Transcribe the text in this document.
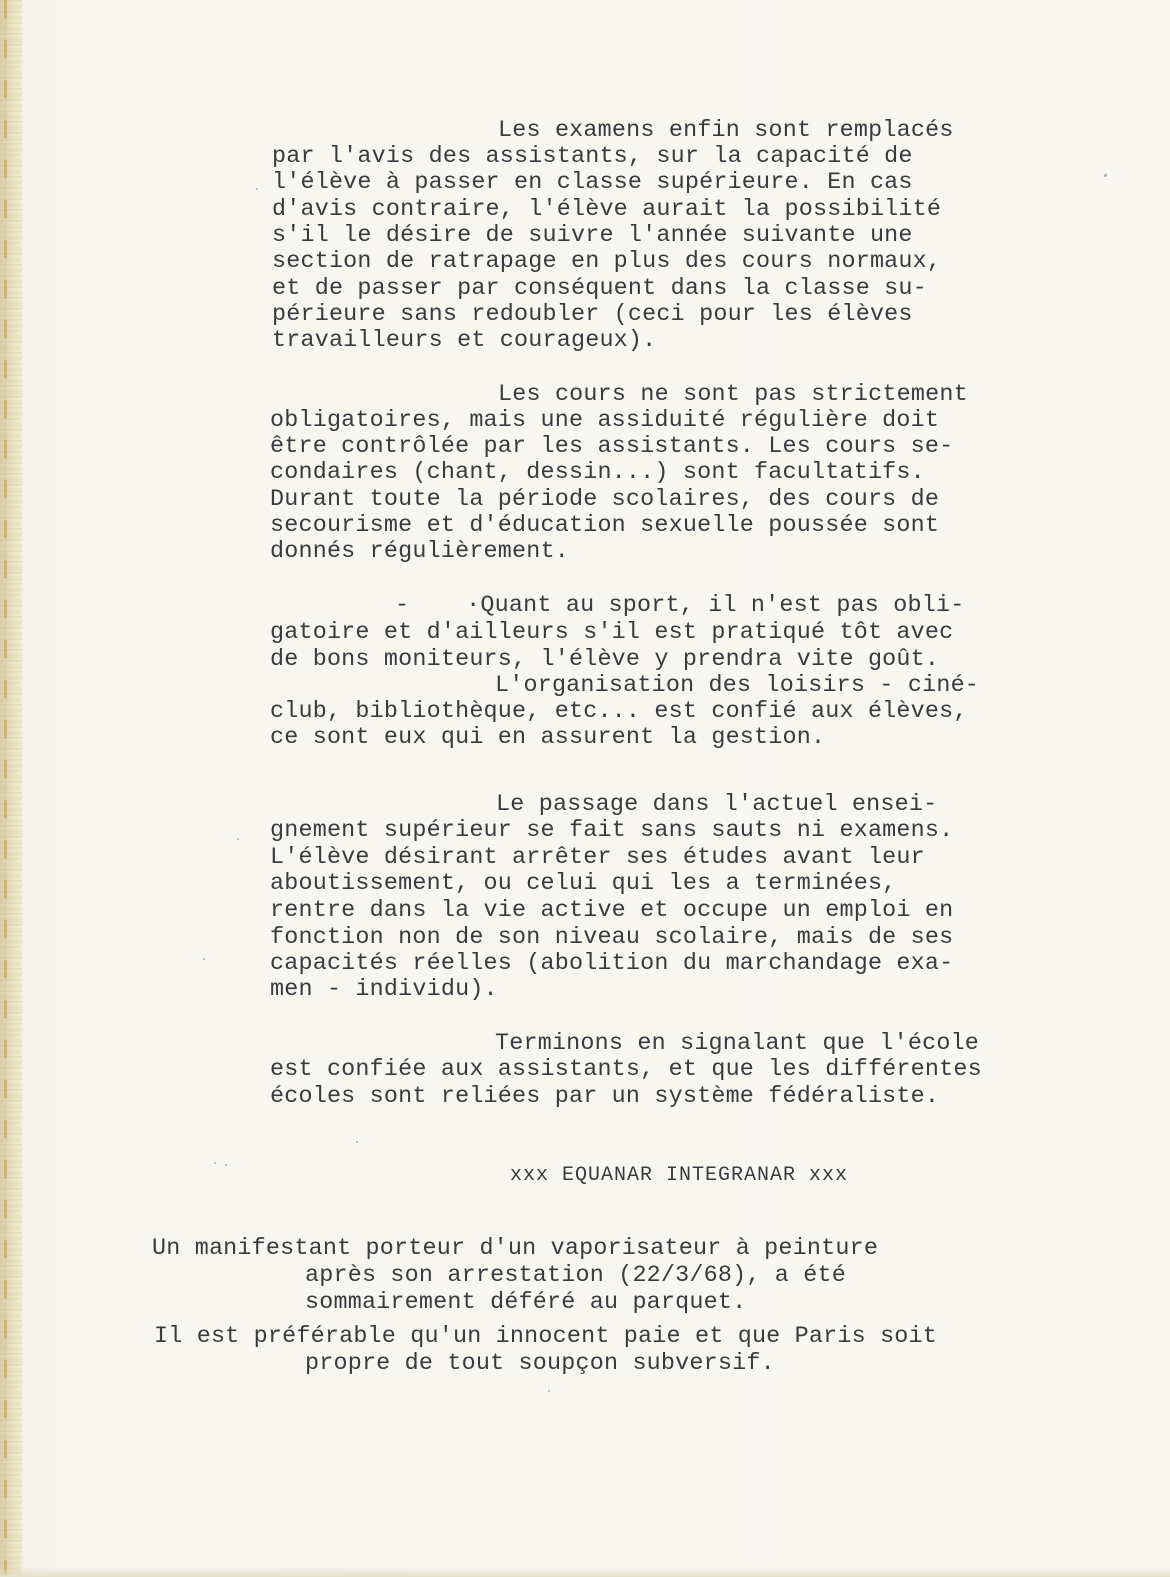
Les examens enfin sont remplacés
par l'avis des assistants, sur la capacité de
l'élève à passer en classe supérieure. En cas
d'avis contraire, l'élève aurait la possibilité
s'il le désire de suivre l'année suivante une
section de ratrapage en plus des cours normaux,
et de passer par conséquent dans la classe su-
périeure sans redoubler (ceci pour les élèves
travailleurs et courageux).
Les cours ne sont pas strictement
obligatoires, mais une assiduité régulière doit
être contrôlée par les assistants. Les cours se-
condaires (chant, dessin...) sont facultatifs.
Durant toute la période scolaires, des cours de
secourisme et d'éducation sexuelle poussée sont
donnés régulièrement.
-    ·Quant au sport, il n'est pas obli-
gatoire et d'ailleurs s'il est pratiqué tôt avec
de bons moniteurs, l'élève y prendra vite goût.
L'organisation des loisirs - ciné-
club, bibliothèque, etc... est confié aux élèves,
ce sont eux qui en assurent la gestion.
Le passage dans l'actuel ensei-
gnement supérieur se fait sans sauts ni examens.
L'élève désirant arrêter ses études avant leur
aboutissement, ou celui qui les a terminées,
rentre dans la vie active et occupe un emploi en
fonction non de son niveau scolaire, mais de ses
capacités réelles (abolition du marchandage exa-
men - individu).
Terminons en signalant que l'école
est confiée aux assistants, et que les différentes
écoles sont reliées par un système fédéraliste.
xxx EQUANAR INTEGRANAR xxx
Un manifestant porteur d'un vaporisateur à peinture
après son arrestation (22/3/68), a été
sommairement déféré au parquet.
Il est préférable qu'un innocent paie et que Paris soit
propre de tout soupçon subversif.
